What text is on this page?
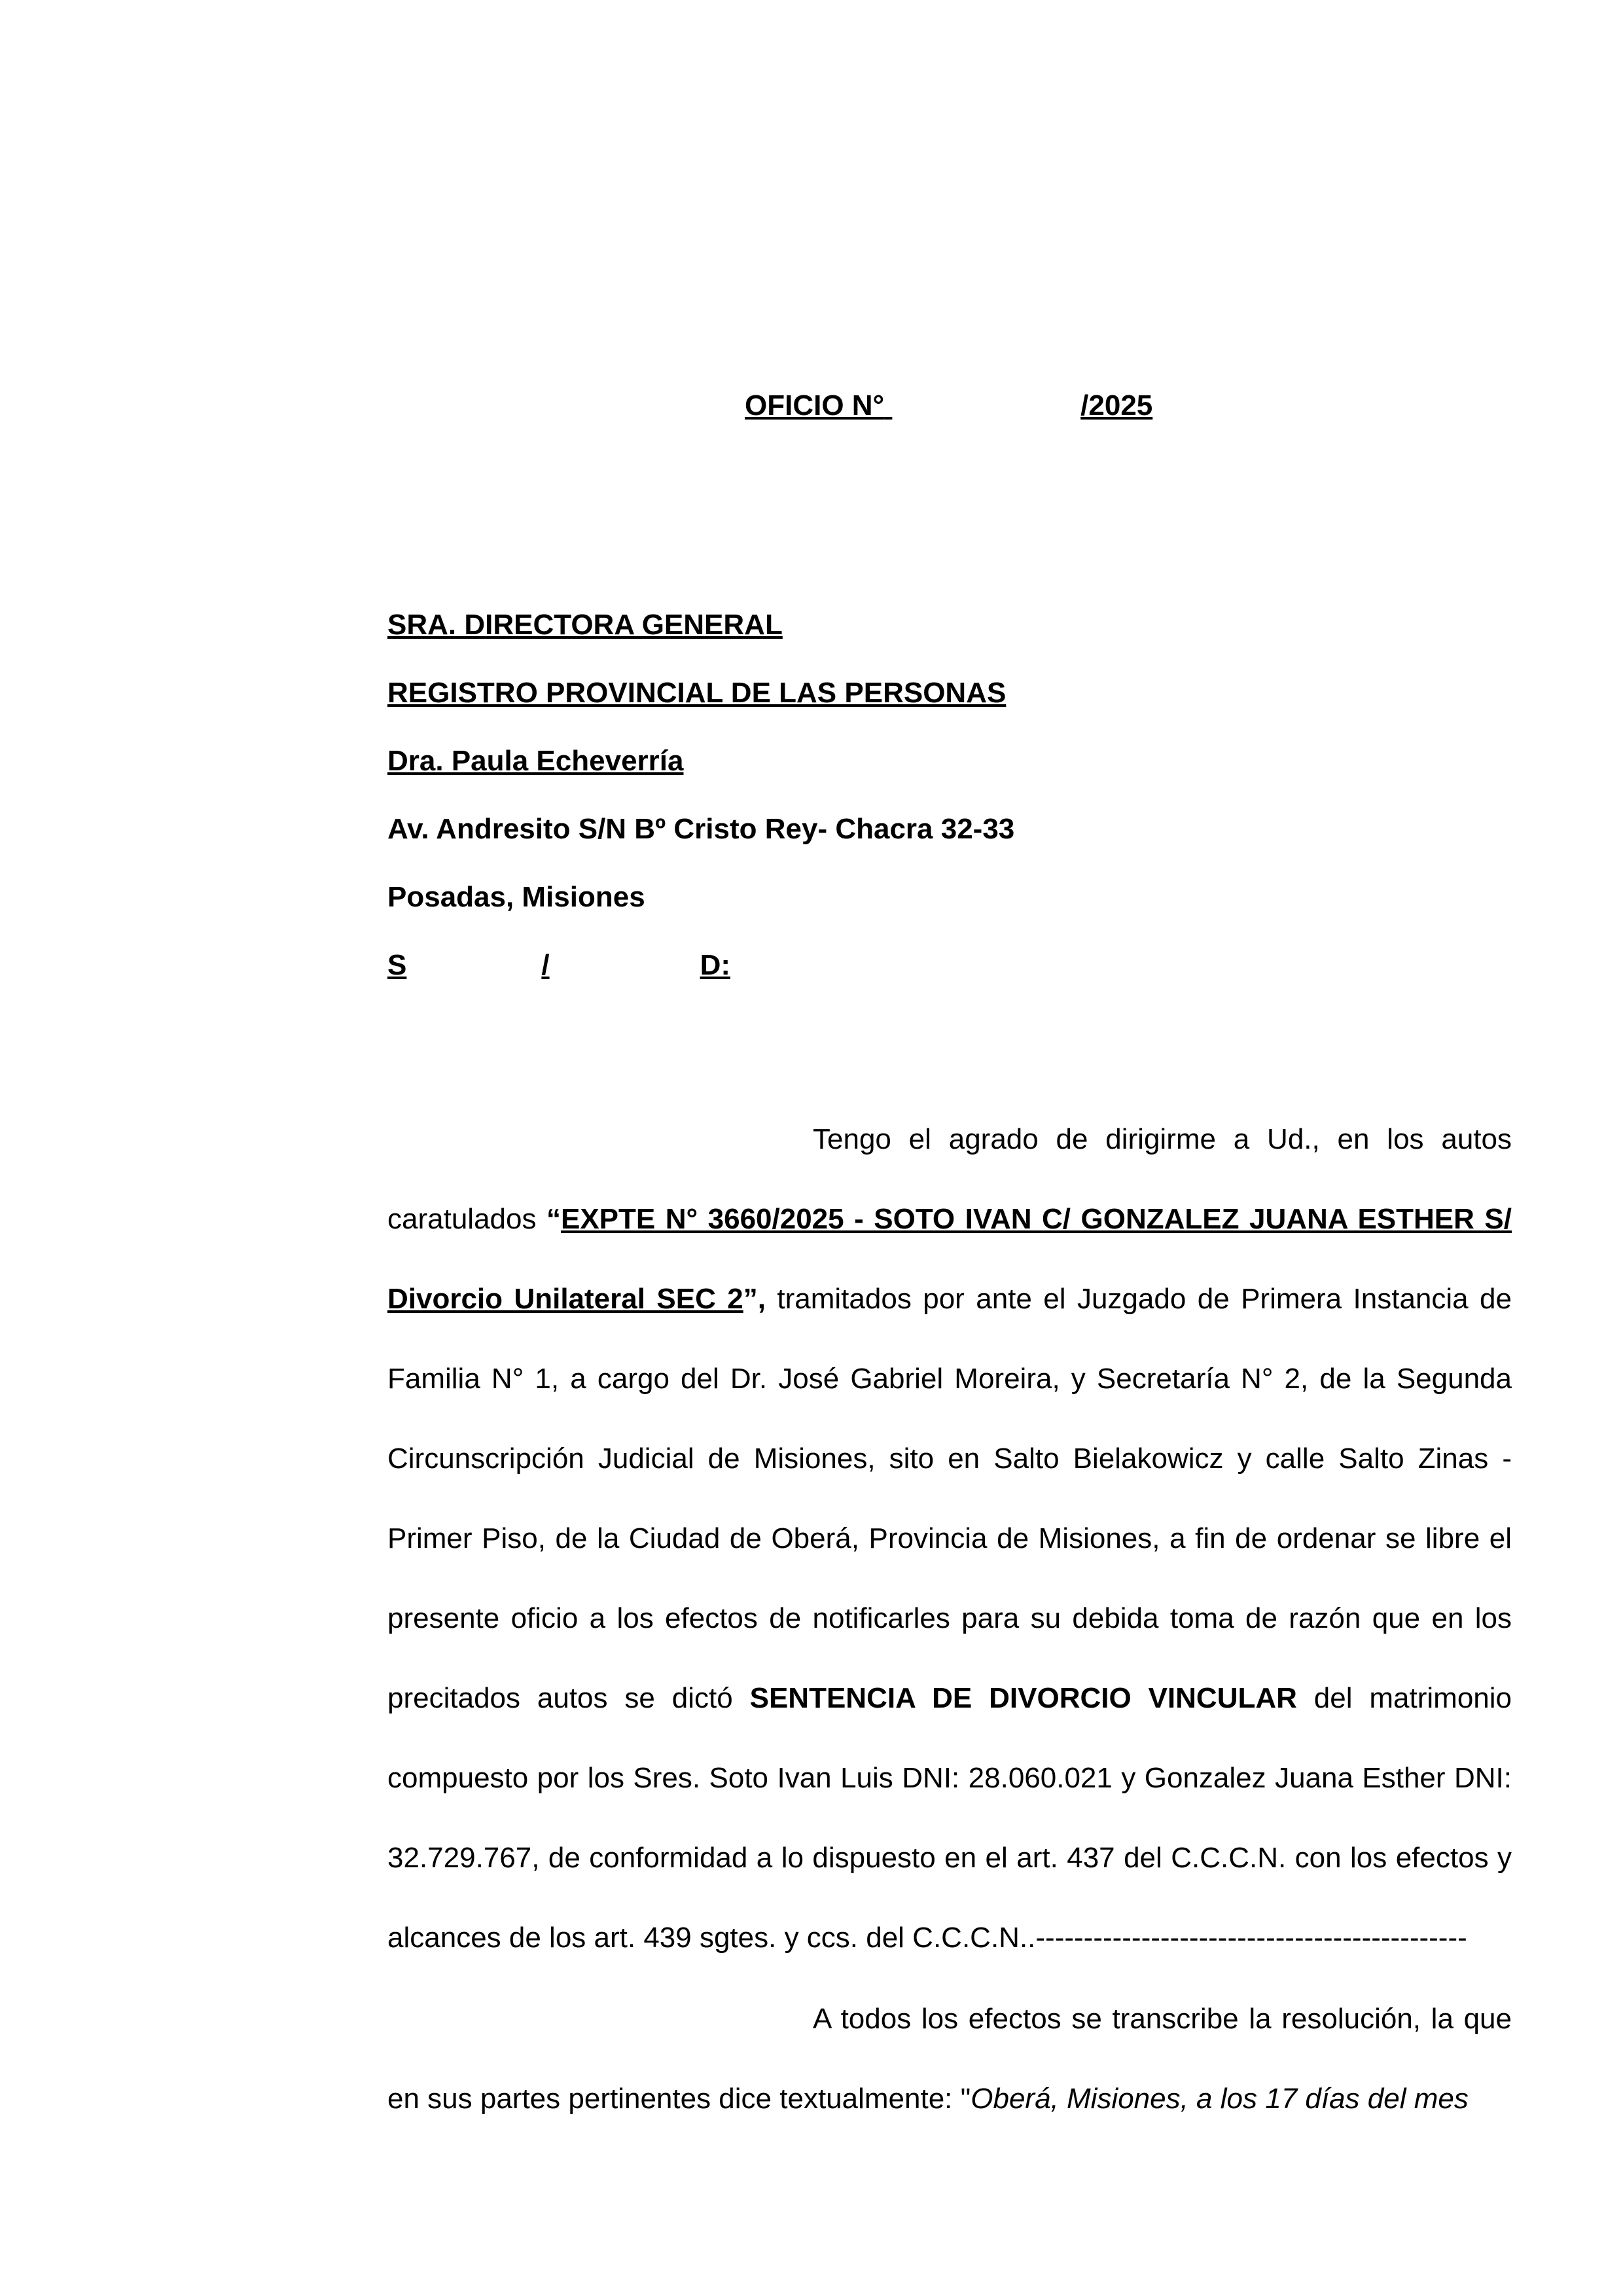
OFICIO N°	/2025
SRA. DIRECTORA GENERAL
REGISTRO PROVINCIAL DE LAS PERSONAS
Dra. Paula Echeverría
Av. Andresito S/N Bº Cristo Rey- Chacra 32-33
Posadas, Misiones
S	/	D:
Tengo el agrado de dirigirme a Ud., en los autos caratulados “EXPTE N° 3660/2025 - SOTO IVAN C/ GONZALEZ JUANA ESTHER S/ Divorcio Unilateral SEC 2”, tramitados por ante el Juzgado de Primera Instancia de Familia N° 1, a cargo del Dr. José Gabriel Moreira, y Secretaría N° 2, de la Segunda Circunscripción Judicial de Misiones, sito en Salto Bielakowicz y calle Salto Zinas - Primer Piso, de la Ciudad de Oberá, Provincia de Misiones, a fin de ordenar se libre el presente oficio a los efectos de notificarles para su debida toma de razón que en los precitados autos se dictó SENTENCIA DE DIVORCIO VINCULAR del matrimonio compuesto por los Sres. Soto Ivan Luis DNI: 28.060.021 y Gonzalez Juana Esther DNI: 32.729.767, de conformidad a lo dispuesto en el art. 437 del C.C.C.N. con los efectos y alcances de los art. 439 sgtes. y ccs. del C.C.C.N..---------------------------------------------
A todos los efectos se transcribe la resolución, la que en sus partes pertinentes dice textualmente: "Oberá, Misiones, a los 17 días del mes
